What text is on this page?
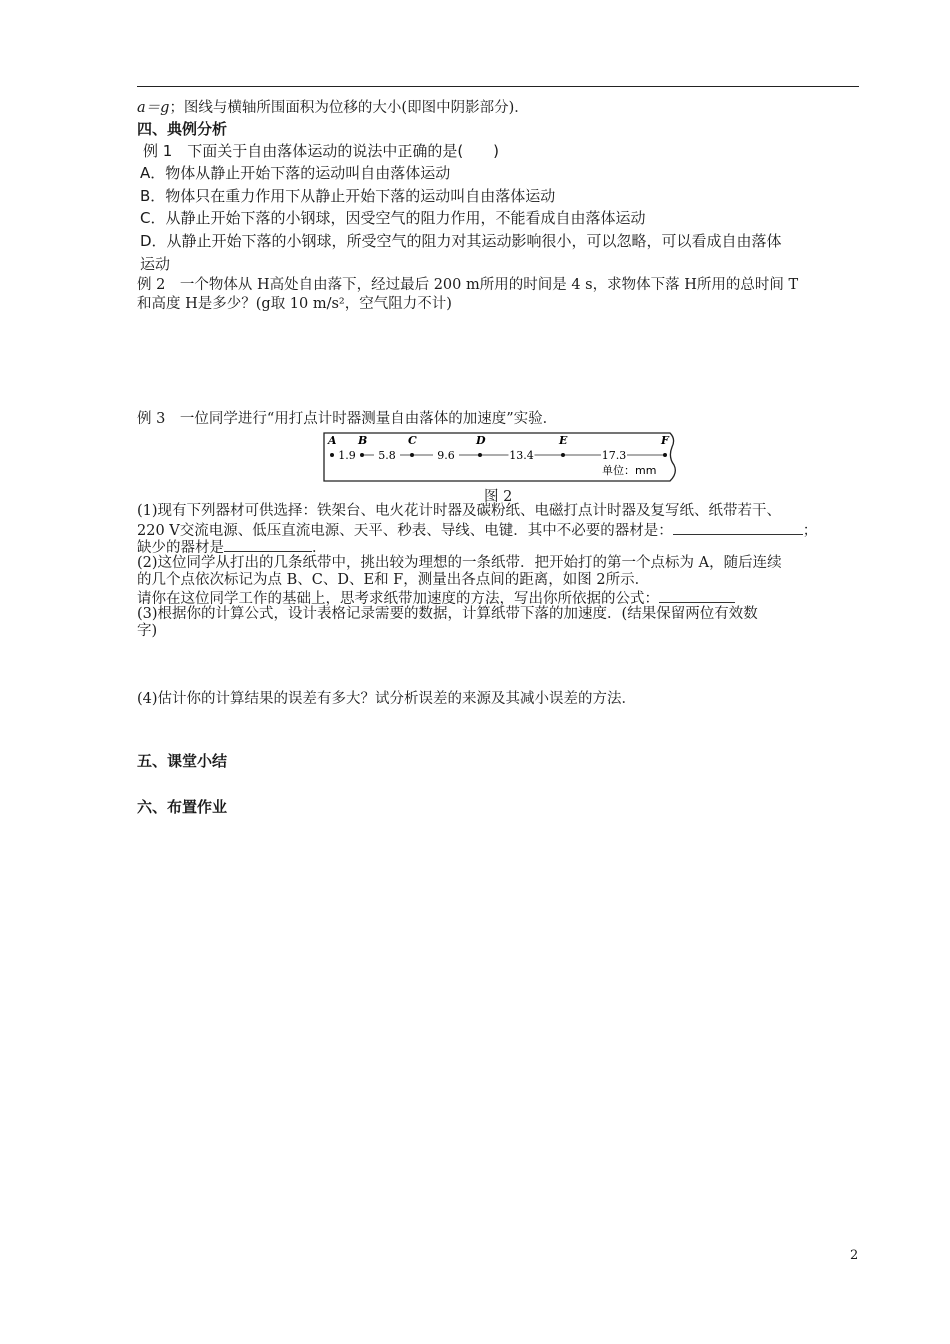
a＝g；图线与横轴所围面积为位移的大小(即图中阴影部分)．
四、典例分析
例 1　下面关于自由落体运动的说法中正确的是(　　)
A．物体从静止开始下落的运动叫自由落体运动
B．物体只在重力作用下从静止开始下落的运动叫自由落体运动
C．从静止开始下落的小钢球，因受空气的阻力作用，不能看成自由落体运动
D．从静止开始下落的小钢球，所受空气的阻力对其运动影响很小，可以忽略，可以看成自由落体
运动
例 2　一个物体从 H高处自由落下，经过最后 200 m所用的时间是 4 s，求物体下落 H所用的总时间 T
和高度 H是多少？(g取 10 m/s²，空气阻力不计)
例 3　一位同学进行“用打点计时器测量自由落体的加速度”实验．
A B	C	D	E	F
1.9 5.8	9.6	13.4	17.3
单位：mm
图 2
(1)现有下列器材可供选择：铁架台、电火花计时器及碳粉纸、电磁打点计时器及复写纸、纸带若干、
220 V交流电源、低压直流电源、天平、秒表、导线、电键．其中不必要的器材是：	；
缺少的器材是	．
(2)这位同学从打出的几条纸带中，挑出较为理想的一条纸带．把开始打的第一个点标为 A，随后连续
的几个点依次标记为点 B、C、D、E和 F，测量出各点间的距离，如图 2所示．
请你在这位同学工作的基础上，思考求纸带加速度的方法，写出你所依据的公式：
(3)根据你的计算公式，设计表格记录需要的数据，计算纸带下落的加速度．(结果保留两位有效数
字)
(4)估计你的计算结果的误差有多大？试分析误差的来源及其减小误差的方法．
五、课堂小结
六、布置作业
2
